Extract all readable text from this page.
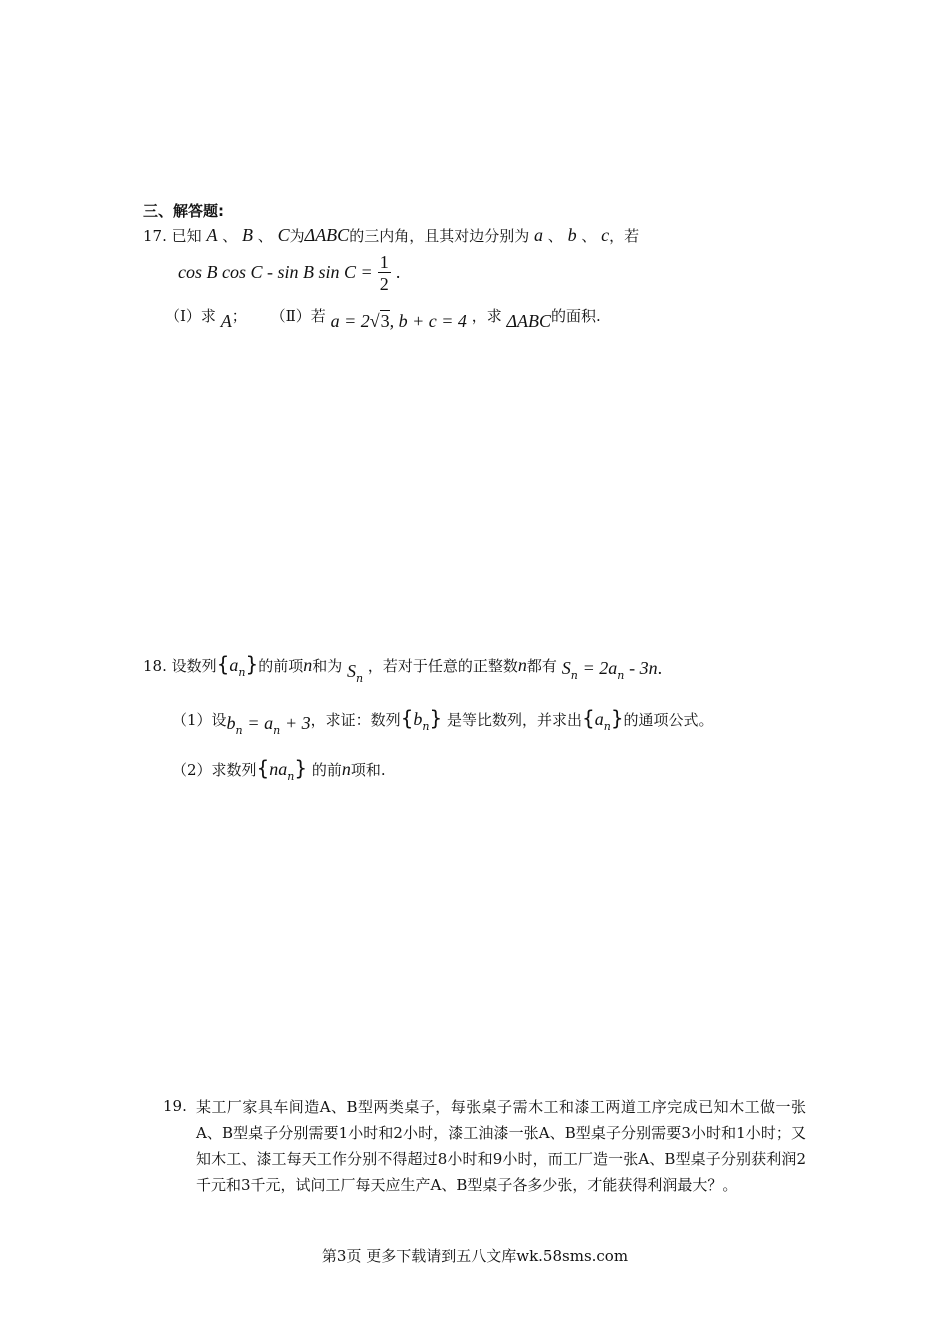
三、解答题:
17. 已知 A 、 B 、 C为ΔABC的三内角，且其对边分别为 a 、 b 、 c，若
cos B cos C - sin B $\sin C = \frac{1}{2}$ .
（Ⅰ）求 A； （Ⅱ）若 a = 2√3, b + c = 4 ，求 ΔABC的面积.
18. 设数列$\{a_n\}$的前项n和为 $S_n$ ，若对于任意的正整数n都有 $S_n = 2a_n - 3n$.
（1）设$b_n = a_n + 3$，求证：数列$\{b_n\}$ 是等比数列，并求出$\{a_n\}$的通项公式。
（2）求数列$\{na_n\}$ 的前n项和.
19. 某工厂家具车间造A、B型两类桌子，每张桌子需木工和漆工两道工序完成已知木工做一张A、B型桌子分别需要1小时和2小时，漆工油漆一张A、B型桌子分别需要3小时和1小时；又知木工、漆工每天工作分别不得超过8小时和9小时，而工厂造一张A、B型桌子分别获利润2千元和3千元，试问工厂每天应生产A、B型桌子各多少张，才能获得利润最大？。
第3页 更多下载请到五八文库wk.58sms.com
